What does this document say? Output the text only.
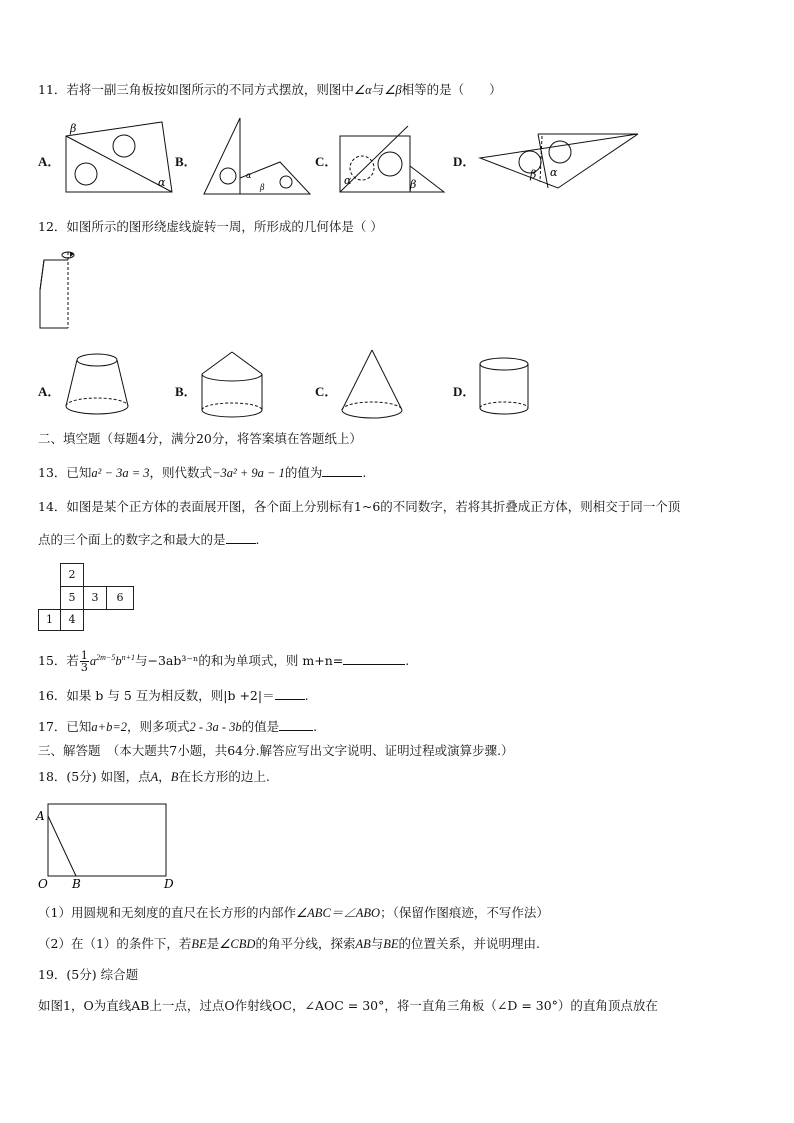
11．若将一副三角板按如图所示的不同方式摆放，则图中∠α与∠β相等的是（　　）
A．
β
α
B．
α
β
C．
α	β
D．
β α
12．如图所示的图形绕虚线旋转一周，所形成的几何体是（ ）
A．	B．	C．	D．
二、填空题（每题4分，满分20分，将答案填在答题纸上）
13．已知a² − 3a = 3，则代数式−3a² + 9a − 1的值为	.
14．如图是某个正方体的表面展开图，各个面上分别标有1~6的不同数字，若将其折叠成正方体，则相交于同一个顶
点的三个面上的数字之和最大的是 .
2
5	3	6
1	4
15．若 $\frac{1}{3} a^{2m-5}b^{n+1}$与−3ab³⁻ⁿ的和为单项式，则 m+n=	.
16．如果 b 与 5 互为相反数，则|b +2|＝ .
17．已知a+b=2，则多项式2 - 3a - 3b的值是	.
三、解答题　（本大题共7小题，共64分.解答应写出文字说明、证明过程或演算步骤.）
18．(5分) 如图，点A，B在长方形的边上.
A
O B	D
（1）用圆规和无刻度的直尺在长方形的内部作∠ABC＝∠ABO；（保留作图痕迹，不写作法）
（2）在（1）的条件下，若BE是∠CBD的角平分线，探索AB与BE的位置关系，并说明理由.
19．(5分) 综合题
如图1，O为直线AB上一点，过点O作射线OC，∠AOC = 30°，将一直角三角板（∠D = 30°）的直角顶点放在
